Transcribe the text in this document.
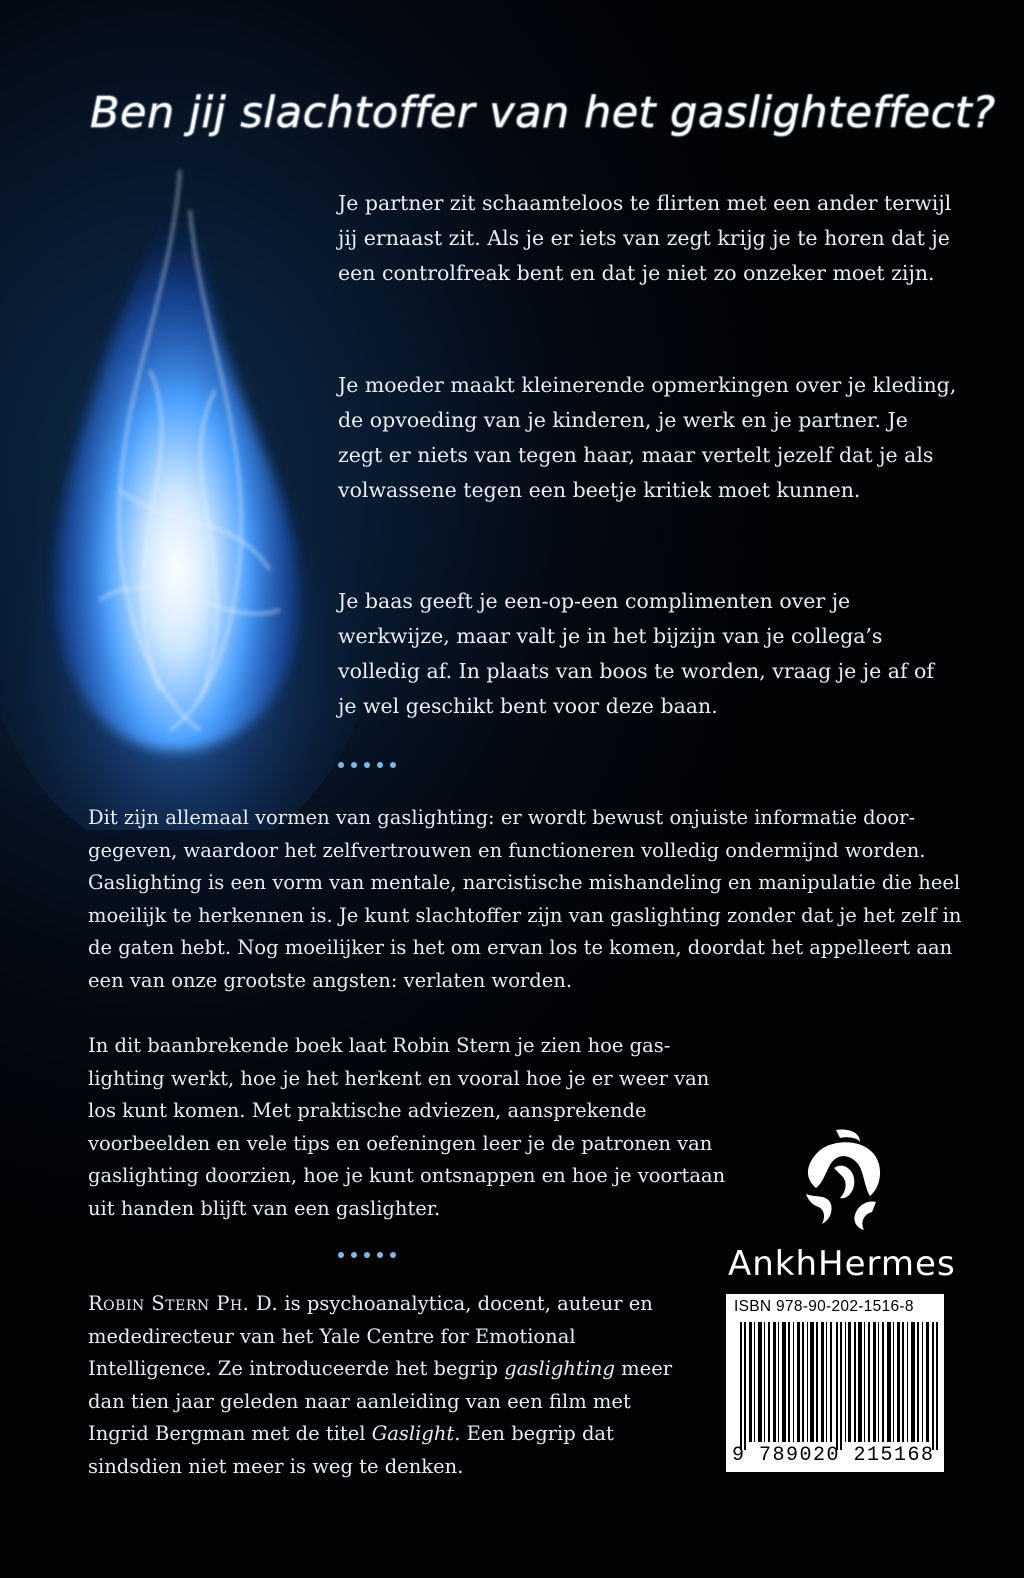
Ben jij slachtoffer van het gaslighteffect?

Je partner zit schaamteloos te flirten met een ander terwijl jij ernaast zit. Als je er iets van zegt krijg je te horen dat je een controlfreak bent en dat je niet zo onzeker moet zijn.

Je moeder maakt kleinerende opmerkingen over je kleding, de opvoeding van je kinderen, je werk en je partner. Je zegt er niets van tegen haar, maar vertelt jezelf dat je als volwassene tegen een beetje kritiek moet kunnen.

Je baas geeft je een-op-een complimenten over je werkwijze, maar valt je in het bijzijn van je collega’s volledig af. In plaats van boos te worden, vraag je je af of je wel geschikt bent voor deze baan.

Dit zijn allemaal vormen van gaslighting: er wordt bewust onjuiste informatie doorgegeven, waardoor het zelfvertrouwen en functioneren volledig ondermijnd worden. Gaslighting is een vorm van mentale, narcistische mishandeling en manipulatie die heel moeilijk te herkennen is. Je kunt slachtoffer zijn van gaslighting zonder dat je het zelf in de gaten hebt. Nog moeilijker is het om ervan los te komen, doordat het appelleert aan een van onze grootste angsten: verlaten worden.

In dit baanbrekende boek laat Robin Stern je zien hoe gaslighting werkt, hoe je het herkent en vooral hoe je er weer van los kunt komen. Met praktische adviezen, aansprekende voorbeelden en vele tips en oefeningen leer je de patronen van gaslighting doorzien, hoe je kunt ontsnappen en hoe je voortaan uit handen blijft van een gaslighter.

Robin Stern Ph. D. is psychoanalytica, docent, auteur en mededirecteur van het Yale Centre for Emotional Intelligence. Ze introduceerde het begrip gaslighting meer dan tien jaar geleden naar aanleiding van een film met Ingrid Bergman met de titel Gaslight. Een begrip dat sindsdien niet meer is weg te denken.

AnkhHermes
ISBN 978-90-202-1516-8
9 789020 215168
